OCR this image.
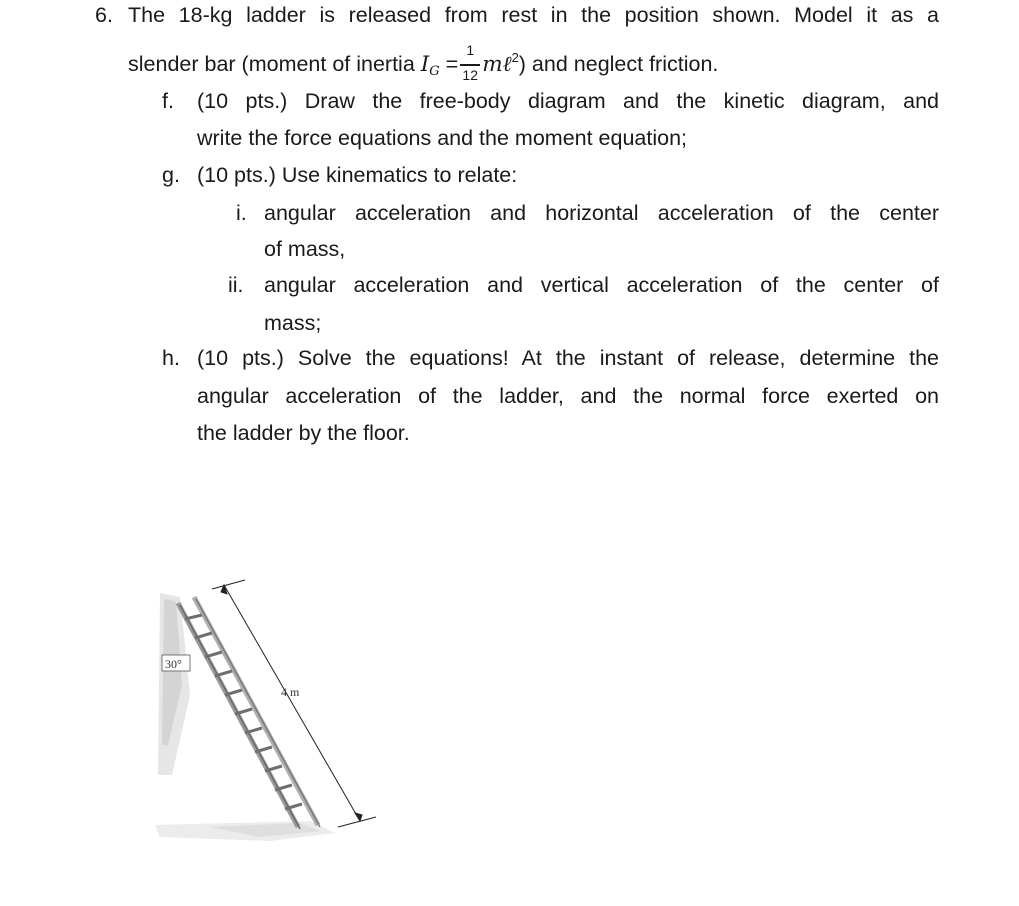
6. The 18-kg ladder is released from rest in the position shown. Model it as a
slender bar (moment of inertia $I_G = \frac{1}{12}$ mℓ$^2$) and neglect friction.
f. (10 pts.) Draw the free-body diagram and the kinetic diagram, and
write the force equations and the moment equation;
g. (10 pts.) Use kinematics to relate:
i. angular acceleration and horizontal acceleration of the center
of mass,
ii. angular acceleration and vertical acceleration of the center of
mass;
h. (10 pts.) Solve the equations! At the instant of release, determine the
angular acceleration of the ladder, and the normal force exerted on
the ladder by the floor.
30°
4 m
